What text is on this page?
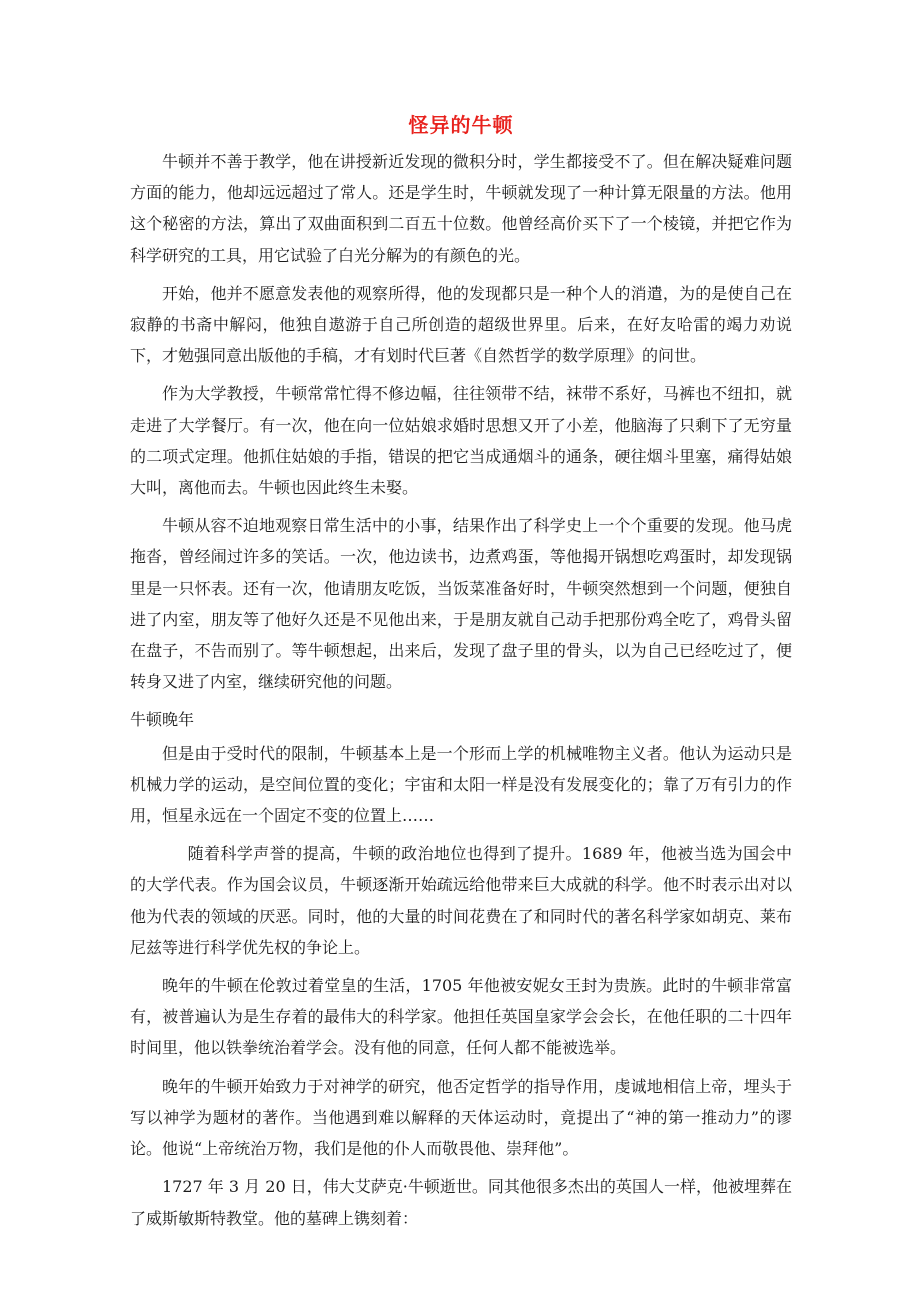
怪异的牛顿

牛顿并不善于教学，他在讲授新近发现的微积分时，学生都接受不了。但在解决疑难问题方面的能力，他却远远超过了常人。还是学生时，牛顿就发现了一种计算无限量的方法。他用这个秘密的方法，算出了双曲面积到二百五十位数。他曾经高价买下了一个棱镜，并把它作为科学研究的工具，用它试验了白光分解为的有颜色的光。

开始，他并不愿意发表他的观察所得，他的发现都只是一种个人的消遣，为的是使自己在寂静的书斋中解闷，他独自遨游于自己所创造的超级世界里。后来，在好友哈雷的竭力劝说下，才勉强同意出版他的手稿，才有划时代巨著《自然哲学的数学原理》的问世。

作为大学教授，牛顿常常忙得不修边幅，往往领带不结，袜带不系好，马裤也不纽扣，就走进了大学餐厅。有一次，他在向一位姑娘求婚时思想又开了小差，他脑海了只剩下了无穷量的二项式定理。他抓住姑娘的手指，错误的把它当成通烟斗的通条，硬往烟斗里塞，痛得姑娘大叫，离他而去。牛顿也因此终生未娶。

牛顿从容不迫地观察日常生活中的小事，结果作出了科学史上一个个重要的发现。他马虎拖沓，曾经闹过许多的笑话。一次，他边读书，边煮鸡蛋，等他揭开锅想吃鸡蛋时，却发现锅里是一只怀表。还有一次，他请朋友吃饭，当饭菜准备好时，牛顿突然想到一个问题，便独自进了内室，朋友等了他好久还是不见他出来，于是朋友就自己动手把那份鸡全吃了，鸡骨头留在盘子，不告而别了。等牛顿想起，出来后，发现了盘子里的骨头，以为自己已经吃过了，便转身又进了内室，继续研究他的问题。

牛顿晚年

但是由于受时代的限制，牛顿基本上是一个形而上学的机械唯物主义者。他认为运动只是机械力学的运动，是空间位置的变化；宇宙和太阳一样是没有发展变化的；靠了万有引力的作用，恒星永远在一个固定不变的位置上……

随着科学声誉的提高，牛顿的政治地位也得到了提升。1689 年，他被当选为国会中的大学代表。作为国会议员，牛顿逐渐开始疏远给他带来巨大成就的科学。他不时表示出对以他为代表的领域的厌恶。同时，他的大量的时间花费在了和同时代的著名科学家如胡克、莱布尼兹等进行科学优先权的争论上。

晚年的牛顿在伦敦过着堂皇的生活，1705 年他被安妮女王封为贵族。此时的牛顿非常富有，被普遍认为是生存着的最伟大的科学家。他担任英国皇家学会会长，在他任职的二十四年时间里，他以铁拳统治着学会。没有他的同意，任何人都不能被选举。

晚年的牛顿开始致力于对神学的研究，他否定哲学的指导作用，虔诚地相信上帝，埋头于写以神学为题材的著作。当他遇到难以解释的天体运动时，竟提出了“神的第一推动力”的谬论。他说“上帝统治万物，我们是他的仆人而敬畏他、崇拜他”。

1727 年 3 月 20 日，伟大艾萨克·牛顿逝世。同其他很多杰出的英国人一样，他被埋葬在了威斯敏斯特教堂。他的墓碑上镌刻着：
